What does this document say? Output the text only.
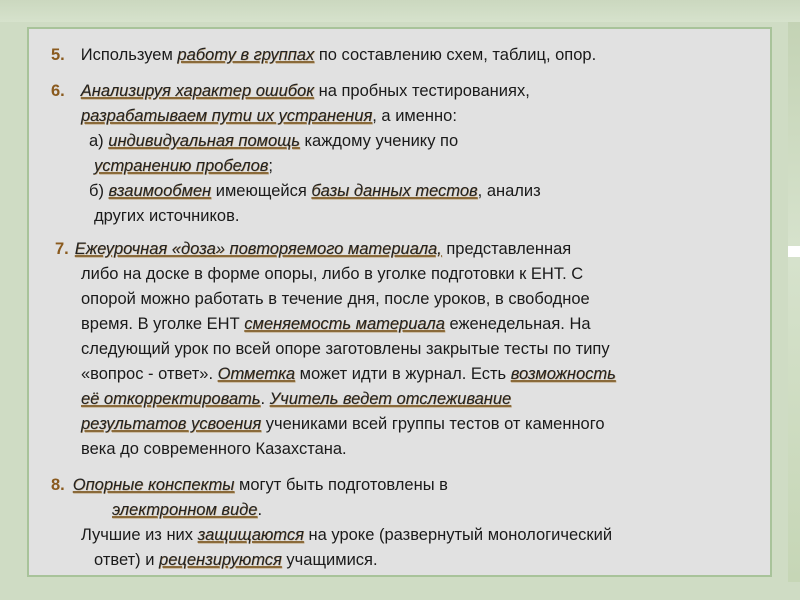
5. Используем работу в группах по составлению схем, таблиц, опор.
6. Анализируя характер ошибок на пробных тестированиях,
разрабатываем пути их устранения, а именно:
а) индивидуальная помощь каждому ученику по
устранению пробелов;
б) взаимообмен имеющейся базы данных тестов, анализ
других источников.
7. Ежеурочная «доза» повторяемого материала, представленная
либо на доске в форме опоры, либо в уголке подготовки к ЕНТ. С
опорой можно работать в течение дня, после уроков, в свободное
время. В уголке ЕНТ сменяемость материала еженедельная. На
следующий урок по всей опоре заготовлены закрытые тесты по типу
«вопрос - ответ». Отметка может идти в журнал. Есть возможность
её откорректировать. Учитель ведет отслеживание
результатов усвоения учениками всей группы тестов от каменного
века до современного Казахстана.
8. Опорные конспекты могут быть подготовлены в
электронном виде.
Лучшие из них защищаются на уроке (развернутый монологический
ответ) и рецензируются учащимися.
